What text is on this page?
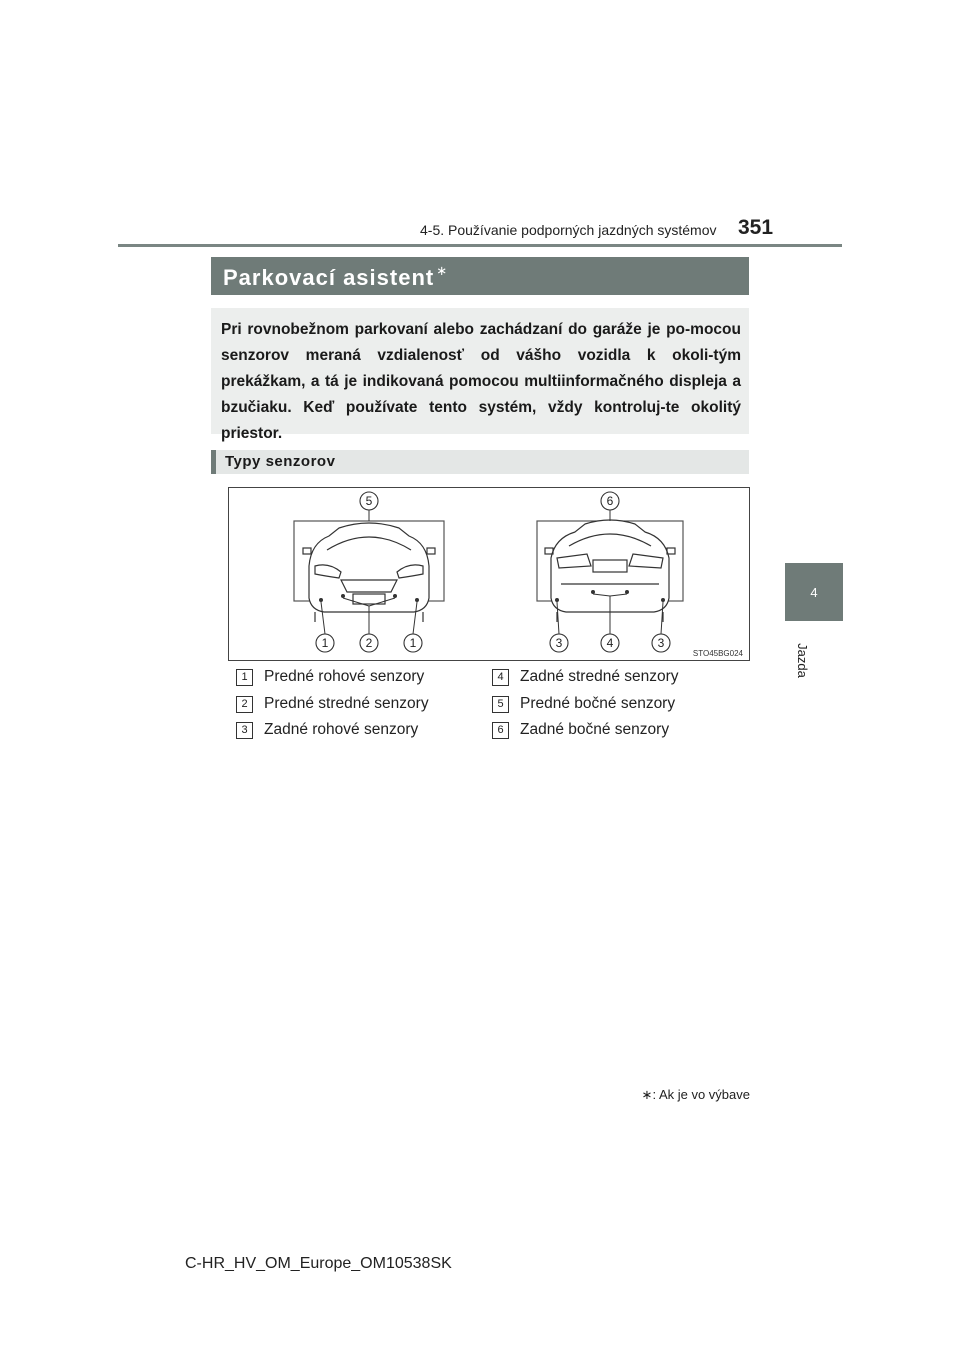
4-5. Používanie podporných jazdných systémov 351
4
Jazda
Parkovací asistent ∗

Pri rovnobežnom parkovaní alebo zachádzaní do garáže je po-mocou senzorov meraná vzdialenosť od vášho vozidla k okoli-tým prekážkam, a tá je indikovaná pomocou multiinformačného displeja a bzučiaku. Keď používate tento systém, vždy kontroluj-te okolitý priestor.

Typy senzorov
5	6
1	2	1	3	4	3
STO45BG024
1	Predné rohové senzory
2	Predné stredné senzory
3	Zadné rohové senzory
4	Zadné stredné senzory
5	Predné bočné senzory
6	Zadné bočné senzory
∗: Ak je vo výbave
C-HR_HV_OM_Europe_OM10538SK
